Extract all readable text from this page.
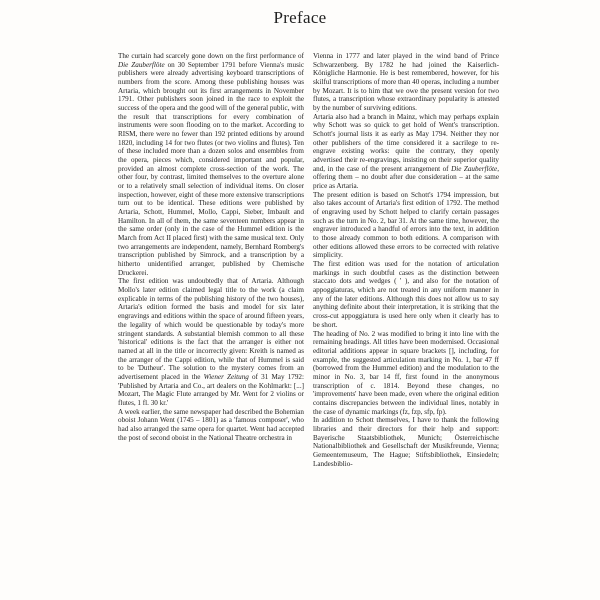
Preface

The curtain had scarcely gone down on the first performance of Die Zauberflöte on 30 September 1791 before Vienna's music publishers were already advertising keyboard transcriptions of numbers from the score. Among these publishing houses was Artaria, which brought out its first arrangements in November 1791. Other publishers soon joined in the race to exploit the success of the opera and the good will of the general public, with the result that transcriptions for every combination of instruments were soon flooding on to the market. According to RISM, there were no fewer than 192 printed editions by around 1820, including 14 for two flutes (or two violins and flutes). Ten of these included more than a dozen solos and ensembles from the opera, pieces which, considered important and popular, provided an almost complete cross-section of the work. The other four, by contrast, limited themselves to the overture alone or to a relatively small selection of individual items. On closer inspection, however, eight of these more extensive transcriptions turn out to be identical. These editions were published by Artaria, Schott, Hummel, Mollo, Cappi, Sieber, Imbault and Hamilton. In all of them, the same seventeen numbers appear in the same order (only in the case of the Hummel edition is the March from Act II placed first) with the same musical text. Only two arrangements are independent, namely, Bernhard Romberg's transcription published by Simrock, and a transcription by a hitherto unidentified arranger, published by Chemische Druckerei.

The first edition was undoubtedly that of Artaria. Although Mollo's later edition claimed legal title to the work (a claim explicable in terms of the publishing history of the two houses), Artaria's edition formed the basis and model for six later engravings and editions within the space of around fifteen years, the legality of which would be questionable by today's more stringent standards. A substantial blemish common to all these 'historical' editions is the fact that the arranger is either not named at all in the title or incorrectly given: Kreith is named as the arranger of the Cappi edition, while that of Hummel is said to be 'Dutheur'. The solution to the mystery comes from an advertisement placed in the Wiener Zeitung of 31 May 1792: 'Published by Artaria and Co., art dealers on the Kohlmarkt: [...] Mozart, The Magic Flute arranged by Mr. Went for 2 violins or flutes, 1 fl. 30 kr.'

A week earlier, the same newspaper had described the Bohemian oboist Johann Went (1745 – 1801) as a 'famous composer', who had also arranged the same opera for quartet. Went had accepted the post of second oboist in the National Theatre orchestra in

Vienna in 1777 and later played in the wind band of Prince Schwarzenberg. By 1782 he had joined the Kaiserlich-Königliche Harmonie. He is best remembered, however, for his skilful transcriptions of more than 40 operas, including a number by Mozart. It is to him that we owe the present version for two flutes, a transcription whose extraordinary popularity is attested by the number of surviving editions.

Artaria also had a branch in Mainz, which may perhaps explain why Schott was so quick to get hold of Went's transcription. Schott's journal lists it as early as May 1794. Neither they nor other publishers of the time considered it a sacrilege to re-engrave existing works: quite the contrary, they openly advertised their re-engravings, insisting on their superior quality and, in the case of the present arrangement of Die Zauberflöte, offering them – no doubt after due consideration – at the same price as Artaria.

The present edition is based on Schott's 1794 impression, but also takes account of Artaria's first edition of 1792. The method of engraving used by Schott helped to clarify certain passages such as the turn in No. 2, bar 31. At the same time, however, the engraver introduced a handful of errors into the text, in addition to those already common to both editions. A comparison with other editions allowed these errors to be corrected with relative simplicity.

The first edition was used for the notation of articulation markings in such doubtful cases as the distinction between staccato dots and wedges ( ' ), and also for the notation of appoggiaturas, which are not treated in any uniform manner in any of the later editions. Although this does not allow us to say anything definite about their interpretation, it is striking that the cross-cut appoggiatura is used here only when it clearly has to be short.

The heading of No. 2 was modified to bring it into line with the remaining headings. All titles have been modernised. Occasional editorial additions appear in square brackets [], including, for example, the suggested articulation marking in No. 1, bar 47 ff (borrowed from the Hummel edition) and the modulation to the minor in No. 3, bar 14 ff, first found in the anonymous transcription of c. 1814. Beyond these changes, no 'improvements' have been made, even where the original edition contains discrepancies between the individual lines, notably in the case of dynamic markings (fz, fzp, sfp, fp).

In addition to Schott themselves, I have to thank the following libraries and their directors for their help and support: Bayerische Staatsbibliothek, Munich; Österreichische Nationalbibliothek and Gesellschaft der Musikfreunde, Vienna; Gemeentemuseum, The Hague; Stiftsbibliothek, Einsiedeln; Landesbiblio-
